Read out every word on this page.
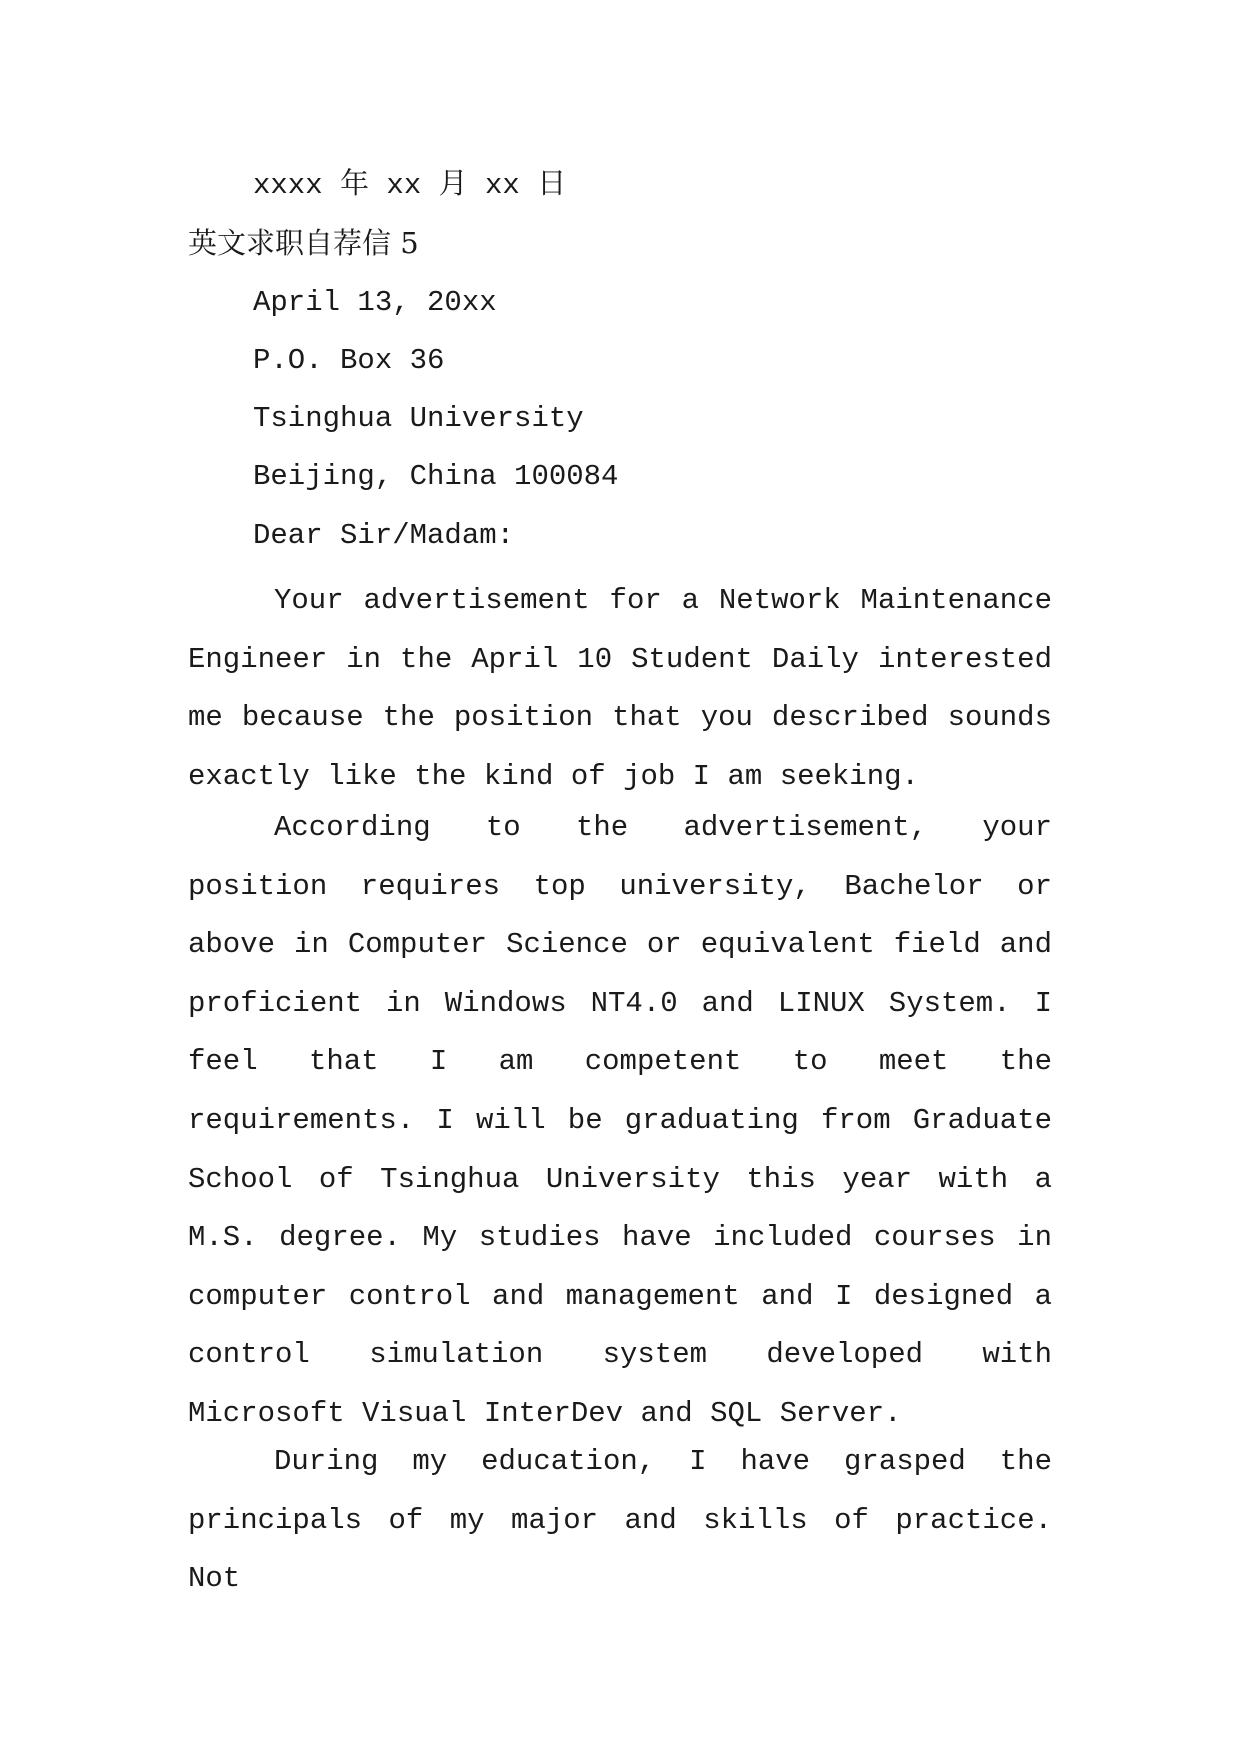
xxxx 年 xx 月 xx 日
英文求职自荐信 5
April 13, 20xx
P.O. Box 36
Tsinghua University
Beijing, China 100084
Dear Sir/Madam:
Your advertisement for a Network Maintenance Engineer in the April 10 Student Daily interested me because the position that you described sounds exactly like the kind of job I am seeking.
According to the advertisement, your position requires top university, Bachelor or above in Computer Science or equivalent field and proficient in Windows NT4.0 and LINUX System. I feel that I am competent to meet the requirements. I will be graduating from Graduate School of Tsinghua University this year with a M.S. degree. My studies have included courses in computer control and management and I designed a control simulation system developed with Microsoft Visual InterDev and SQL Server.
During my education, I have grasped the principals of my major and skills of practice. Not
